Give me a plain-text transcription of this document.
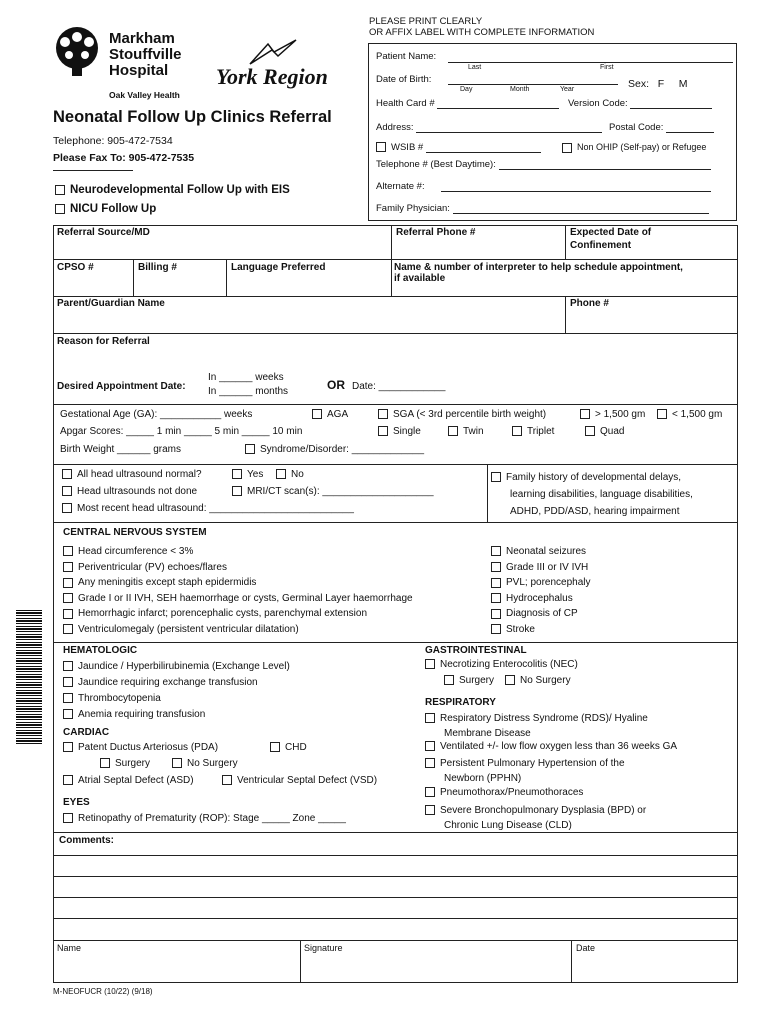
PLEASE PRINT CLEARLY
OR AFFIX LABEL WITH COMPLETE INFORMATION
Markham
Stouffville
Hospital
Oak Valley Health
York Region
Neonatal Follow Up Clinics Referral
Telephone: 905-472-7534
Please Fax To: 905-472-7535
Neurodevelopmental Follow Up with EIS
NICU Follow Up
Patient Name:
Last	First
Date of Birth:
Day	Month	Year	Sex: F M
Health Card #	Version Code:
Address:	Postal Code:
WSIB #	Non OHIP (Self-pay) or Refugee
Telephone # (Best Daytime):
Alternate #:
Family Physician:
Referral Source/MD	Referral Phone #	Expected Date of
Confinement
CPSO #	Billing #	Language Preferred	Name & number of interpreter to help schedule appointment,
if available
Parent/Guardian Name	Phone #
Reason for Referral
Desired Appointment Date:
In ______ weeks
In ______ months	OR Date: ____________
Gestational Age (GA): ___________ weeks	AGA	SGA (< 3rd percentile birth weight)	> 1,500 gm	< 1,500 gm
Apgar Scores: _____ 1 min _____ 5 min _____ 10 min	Single	Twin	Triplet	Quad
Birth Weight ______ grams	Syndrome/Disorder: _____________
All head ultrasound normal?	Yes	No
Head ultrasounds not done	MRI/CT scan(s): ____________________
Most recent head ultrasound: __________________________
Family history of developmental delays,
learning disabilities, language disabilities,
ADHD, PDD/ASD, hearing impairment
CENTRAL NERVOUS SYSTEM
Head circumference < 3%
Periventricular (PV) echoes/flares
Any meningitis except staph epidermidis
Grade I or II IVH, SEH haemorrhage or cysts, Germinal Layer haemorrhage
Hemorrhagic infarct; porencephalic cysts, parenchymal extension
Ventriculomegaly (persistent ventricular dilatation)
Neonatal seizures
Grade III or IV IVH
PVL; porencephaly
Hydrocephalus
Diagnosis of CP
Stroke
HEMATOLOGIC
Jaundice / Hyperbilirubinemia (Exchange Level)
Jaundice requiring exchange transfusion
Thrombocytopenia
Anemia requiring transfusion
CARDIAC
Patent Ductus Arteriosus (PDA)	CHD
Surgery	No Surgery
Atrial Septal Defect (ASD)	Ventricular Septal Defect (VSD)
EYES
Retinopathy of Prematurity (ROP): Stage _____ Zone _____
GASTROINTESTINAL
Necrotizing Enterocolitis (NEC)
Surgery	No Surgery
RESPIRATORY
Respiratory Distress Syndrome (RDS)/ Hyaline
Membrane Disease
Ventilated +/- low flow oxygen less than 36 weeks GA
Persistent Pulmonary Hypertension of the
Newborn (PPHN)
Pneumothorax/Pneumothoraces
Severe Bronchopulmonary Dysplasia (BPD) or
Chronic Lung Disease (CLD)
Comments:
Name	Signature	Date
M-NEOFUCR (10/22) (9/18)
